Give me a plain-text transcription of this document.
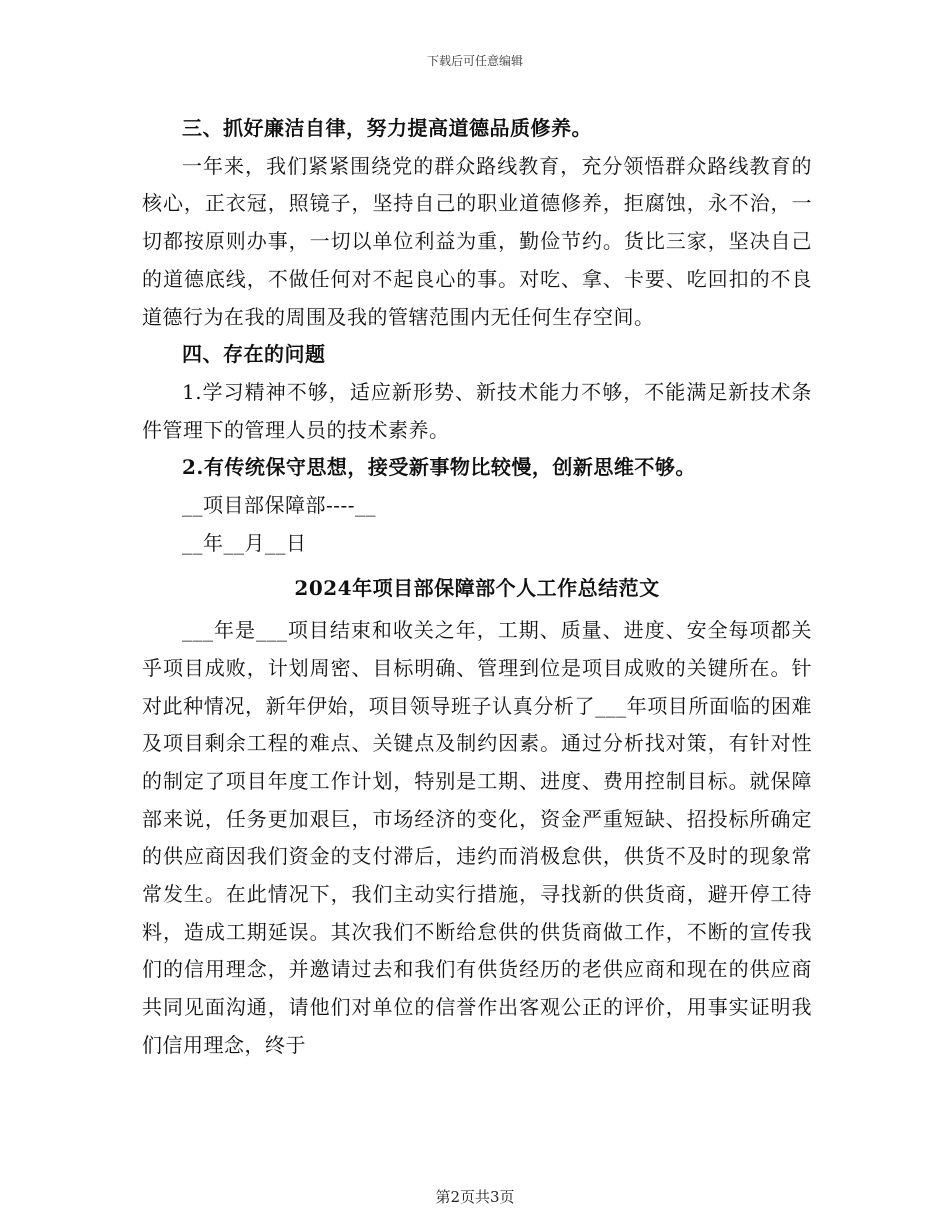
下载后可任意编辑

三、抓好廉洁自律，努力提高道德品质修养。

一年来，我们紧紧围绕党的群众路线教育，充分领悟群众路线教育的核心，正衣冠，照镜子，坚持自己的职业道德修养，拒腐蚀，永不治，一切都按原则办事，一切以单位利益为重，勤俭节约。货比三家，坚决自己的道德底线，不做任何对不起良心的事。对吃、拿、卡要、吃回扣的不良道德行为在我的周围及我的管辖范围内无任何生存空间。

四、存在的问题

1.学习精神不够，适应新形势、新技术能力不够，不能满足新技术条件管理下的管理人员的技术素养。

2.有传统保守思想，接受新事物比较慢，创新思维不够。

__项目部保障部----__

__年__月__日

2024年项目部保障部个人工作总结范文

___年是___项目结束和收关之年，工期、质量、进度、安全每项都关乎项目成败，计划周密、目标明确、管理到位是项目成败的关键所在。针对此种情况，新年伊始，项目领导班子认真分析了___年项目所面临的困难及项目剩余工程的难点、关键点及制约因素。通过分析找对策，有针对性的制定了项目年度工作计划，特别是工期、进度、费用控制目标。就保障部来说，任务更加艰巨，市场经济的变化，资金严重短缺、招投标所确定的供应商因我们资金的支付滞后，违约而消极怠供，供货不及时的现象常常发生。在此情况下，我们主动实行措施，寻找新的供货商，避开停工待料，造成工期延误。其次我们不断给怠供的供货商做工作，不断的宣传我们的信用理念，并邀请过去和我们有供货经历的老供应商和现在的供应商共同见面沟通，请他们对单位的信誉作出客观公正的评价，用事实证明我们信用理念，终于

第2页共3页
